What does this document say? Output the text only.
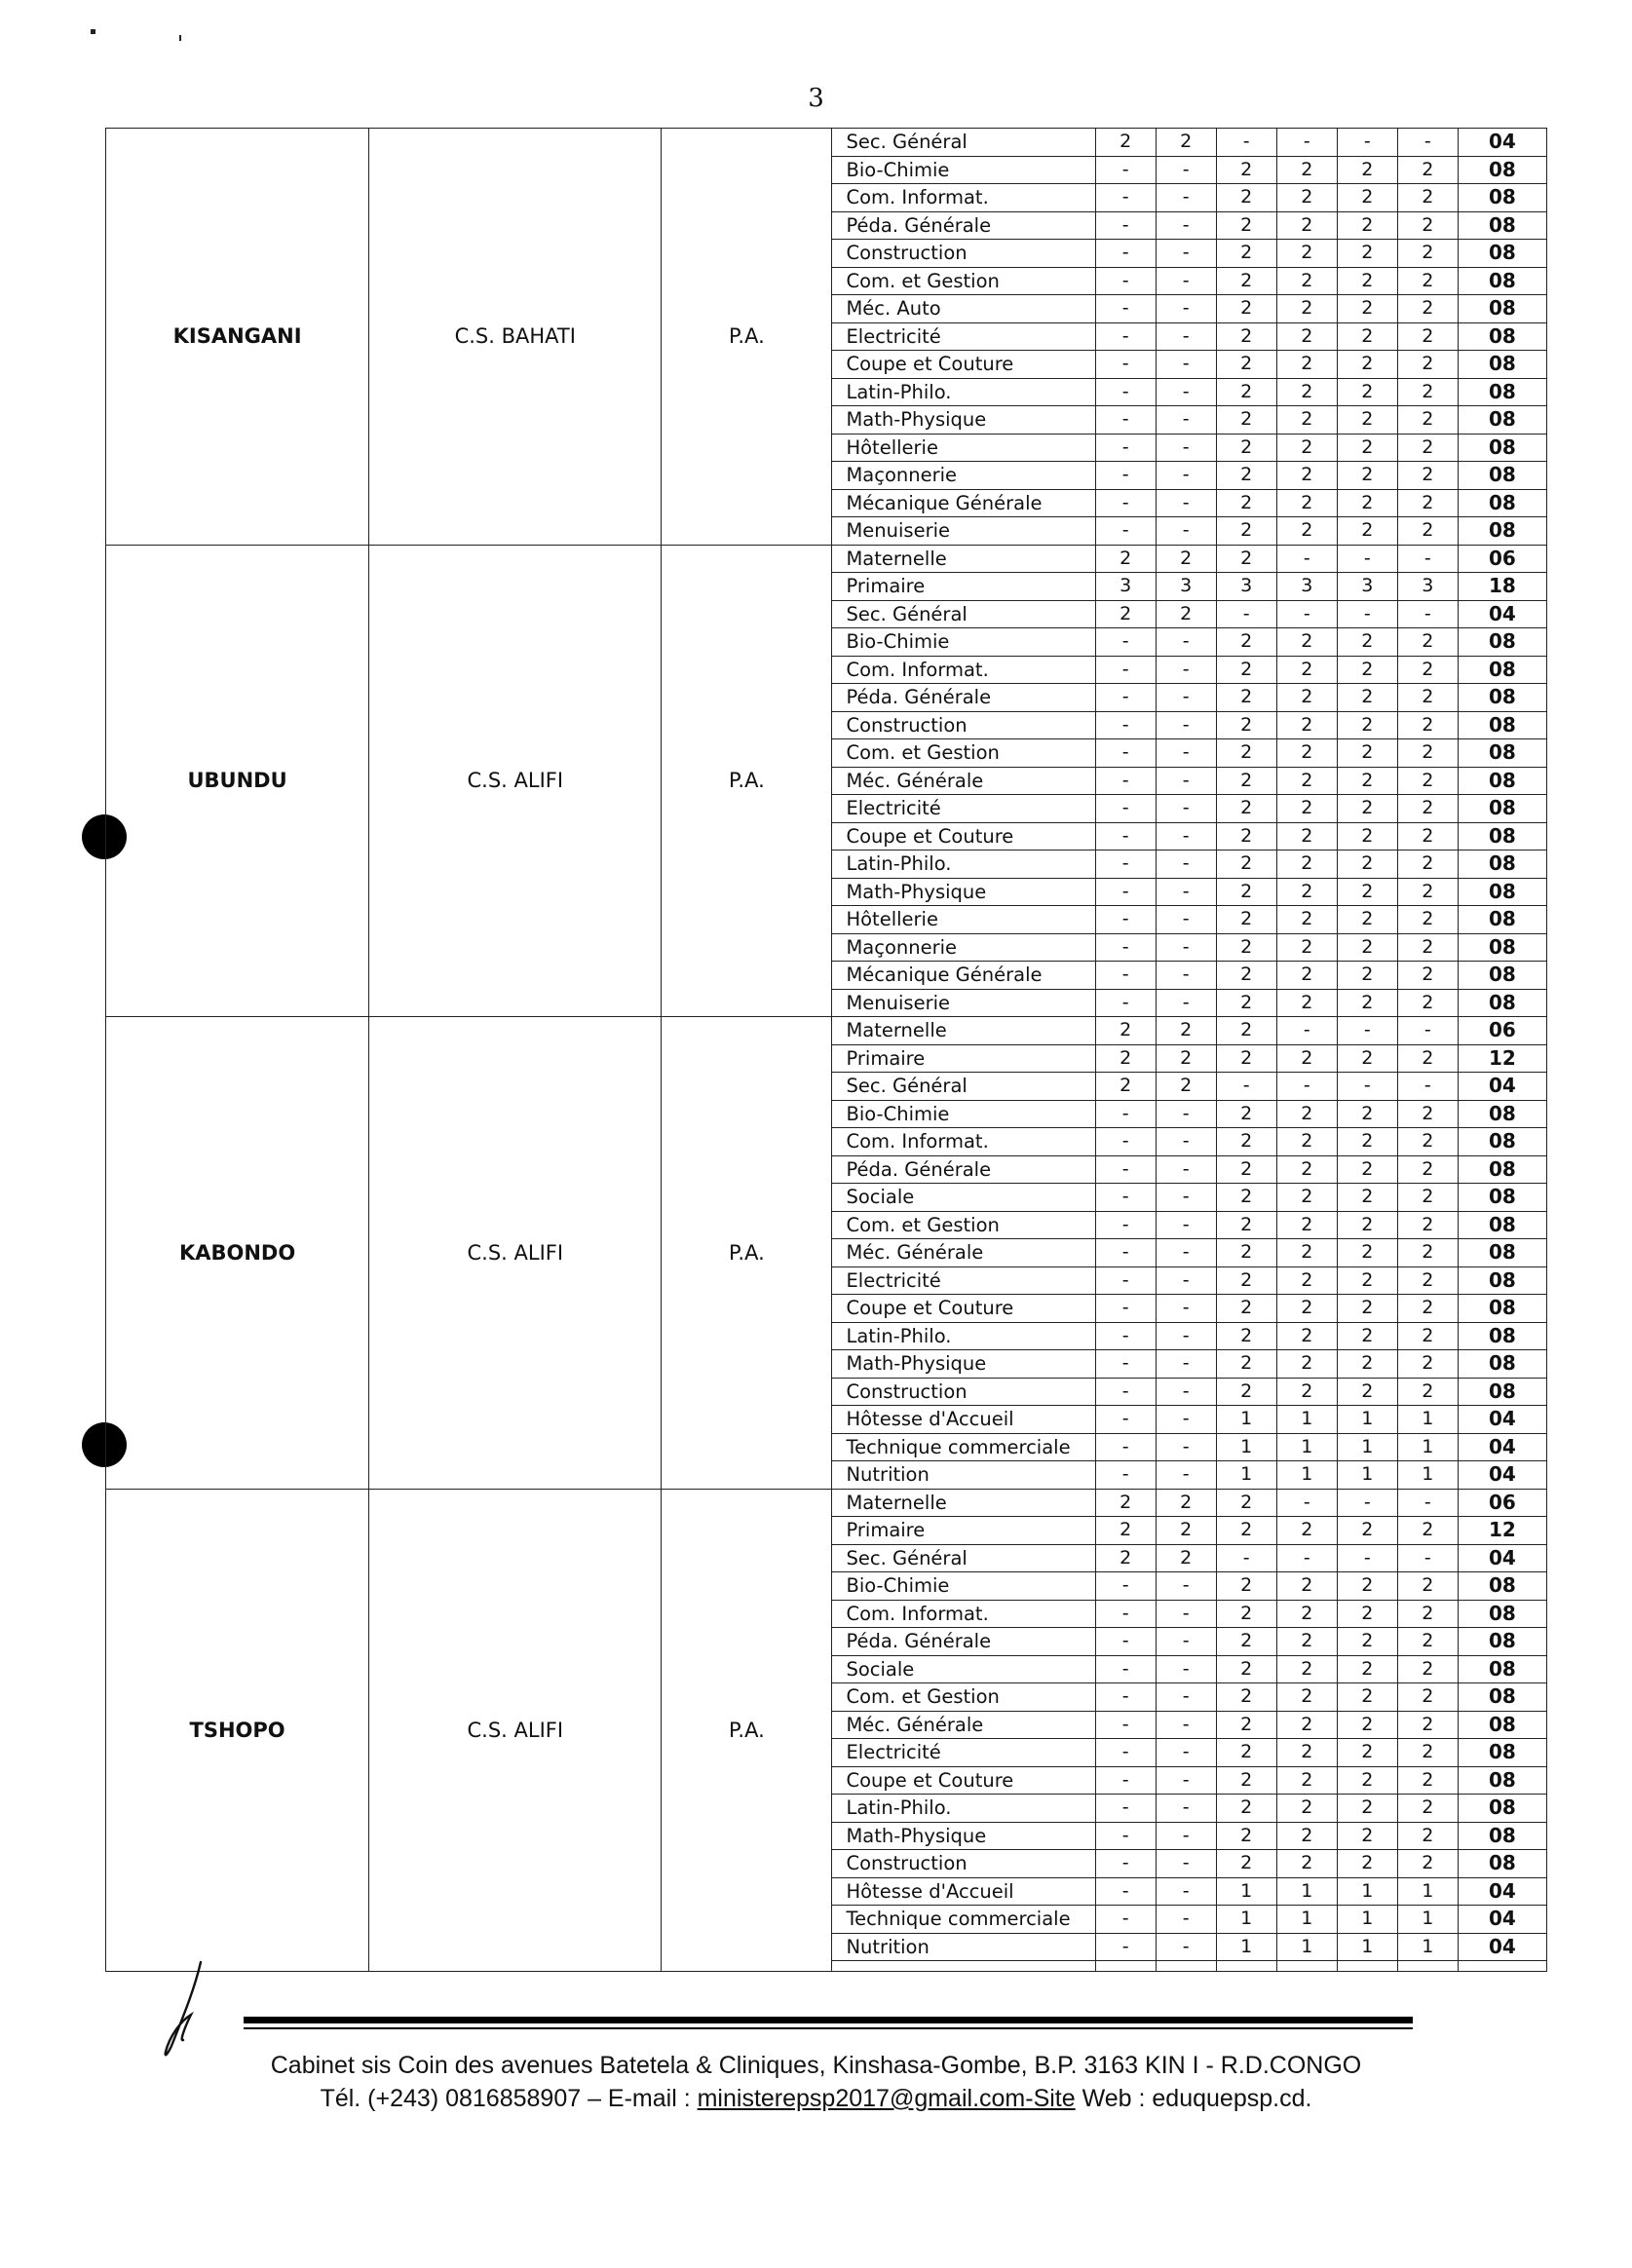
3
KISANGANI	C.S. BAHATI	P.A.	Sec. Général	2	2	-	-	-	-	04
			Bio-Chimie	-	-	2	2	2	2	08
			Com. Informat.	-	-	2	2	2	2	08
			Péda. Générale	-	-	2	2	2	2	08
			Construction	-	-	2	2	2	2	08
			Com. et Gestion	-	-	2	2	2	2	08
			Méc. Auto	-	-	2	2	2	2	08
			Electricité	-	-	2	2	2	2	08
			Coupe et Couture	-	-	2	2	2	2	08
			Latin-Philo.	-	-	2	2	2	2	08
			Math-Physique	-	-	2	2	2	2	08
			Hôtellerie	-	-	2	2	2	2	08
			Maçonnerie	-	-	2	2	2	2	08
			Mécanique Générale	-	-	2	2	2	2	08
			Menuiserie	-	-	2	2	2	2	08
UBUNDU	C.S. ALIFI	P.A.	Maternelle	2	2	2	-	-	-	06
			Primaire	3	3	3	3	3	3	18
			Sec. Général	2	2	-	-	-	-	04
			Bio-Chimie	-	-	2	2	2	2	08
			Com. Informat.	-	-	2	2	2	2	08
			Péda. Générale	-	-	2	2	2	2	08
			Construction	-	-	2	2	2	2	08
			Com. et Gestion	-	-	2	2	2	2	08
			Méc. Générale	-	-	2	2	2	2	08
			Electricité	-	-	2	2	2	2	08
			Coupe et Couture	-	-	2	2	2	2	08
			Latin-Philo.	-	-	2	2	2	2	08
			Math-Physique	-	-	2	2	2	2	08
			Hôtellerie	-	-	2	2	2	2	08
			Maçonnerie	-	-	2	2	2	2	08
			Mécanique Générale	-	-	2	2	2	2	08
			Menuiserie	-	-	2	2	2	2	08
KABONDO	C.S. ALIFI	P.A.	Maternelle	2	2	2	-	-	-	06
			Primaire	2	2	2	2	2	2	12
			Sec. Général	2	2	-	-	-	-	04
			Bio-Chimie	-	-	2	2	2	2	08
			Com. Informat.	-	-	2	2	2	2	08
			Péda. Générale	-	-	2	2	2	2	08
			Sociale	-	-	2	2	2	2	08
			Com. et Gestion	-	-	2	2	2	2	08
			Méc. Générale	-	-	2	2	2	2	08
			Electricité	-	-	2	2	2	2	08
			Coupe et Couture	-	-	2	2	2	2	08
			Latin-Philo.	-	-	2	2	2	2	08
			Math-Physique	-	-	2	2	2	2	08
			Construction	-	-	2	2	2	2	08
			Hôtesse d'Accueil	-	-	1	1	1	1	04
			Technique commerciale	-	-	1	1	1	1	04
			Nutrition	-	-	1	1	1	1	04
TSHOPO	C.S. ALIFI	P.A.	Maternelle	2	2	2	-	-	-	06
			Primaire	2	2	2	2	2	2	12
			Sec. Général	2	2	-	-	-	-	04
			Bio-Chimie	-	-	2	2	2	2	08
			Com. Informat.	-	-	2	2	2	2	08
			Péda. Générale	-	-	2	2	2	2	08
			Sociale	-	-	2	2	2	2	08
			Com. et Gestion	-	-	2	2	2	2	08
			Méc. Générale	-	-	2	2	2	2	08
			Electricité	-	-	2	2	2	2	08
			Coupe et Couture	-	-	2	2	2	2	08
			Latin-Philo.	-	-	2	2	2	2	08
			Math-Physique	-	-	2	2	2	2	08
			Construction	-	-	2	2	2	2	08
			Hôtesse d'Accueil	-	-	1	1	1	1	04
			Technique commerciale	-	-	1	1	1	1	04
			Nutrition	-	-	1	1	1	1	04

Cabinet sis Coin des avenues Batetela & Cliniques, Kinshasa-Gombe, B.P. 3163 KIN I - R.D.CONGO
Tél. (+243) 0816858907 – E-mail : ministerepsp2017@gmail.com-Site Web : eduquepsp.cd.
